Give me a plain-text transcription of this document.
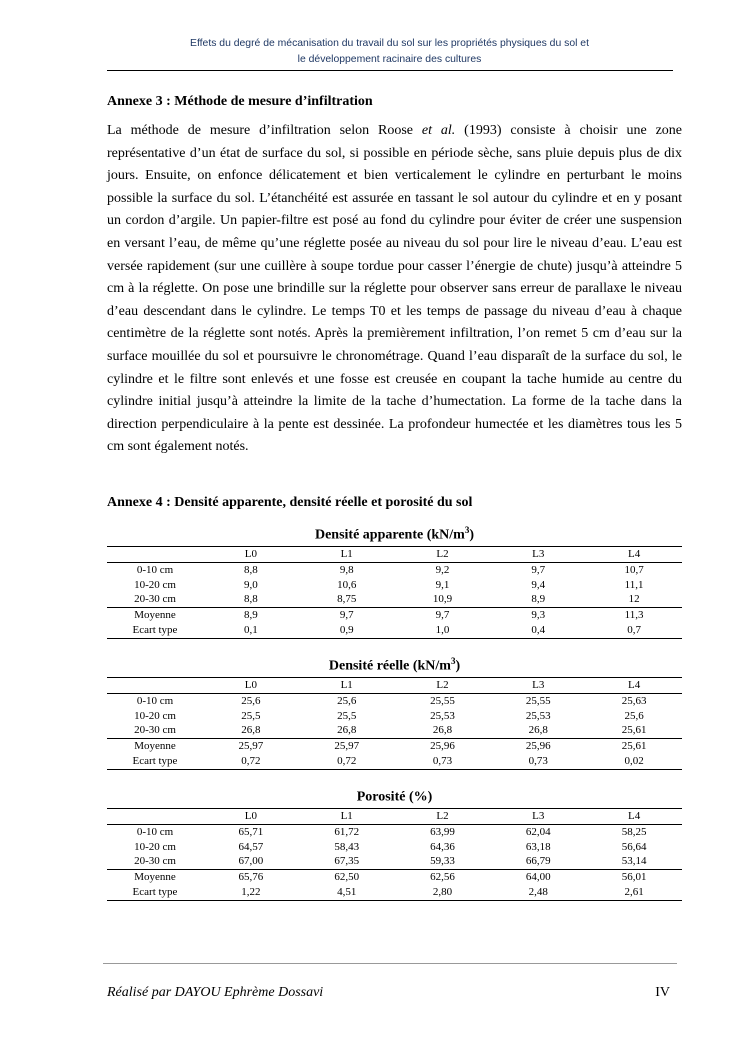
Effets du degré de mécanisation du travail du sol sur les propriétés physiques du sol et
le développement racinaire des cultures
Annexe 3 : Méthode de mesure d’infiltration

La méthode de mesure d’infiltration selon Roose et al. (1993) consiste à choisir une zone représentative d’un état de surface du sol, si possible en période sèche, sans pluie depuis plus de dix jours. Ensuite, on enfonce délicatement et bien verticalement le cylindre en perturbant le moins possible la surface du sol. L’étanchéité est assurée en tassant le sol autour du cylindre et en y posant un cordon d’argile. Un papier-filtre est posé au fond du cylindre pour éviter de créer une suspension en versant l’eau, de même qu’une réglette posée au niveau du sol pour lire le niveau d’eau. L’eau est versée rapidement (sur une cuillère à soupe tordue pour casser l’énergie de chute) jusqu’à atteindre 5 cm à la réglette. On pose une brindille sur la réglette pour observer sans erreur de parallaxe le niveau d’eau descendant dans le cylindre. Le temps T0 et les temps de passage du niveau d’eau à chaque centimètre de la réglette sont notés. Après la premièrement infiltration, l’on remet 5 cm d’eau sur la surface mouillée du sol et poursuivre le chronométrage. Quand l’eau disparaît de la surface du sol, le cylindre et le filtre sont enlevés et une fosse est creusée en coupant la tache humide au centre du cylindre initial jusqu’à atteindre la limite de la tache d’humectation. La forme de la tache dans la direction perpendiculaire à la pente est dessinée. La profondeur humectée et les diamètres tous les 5 cm sont également notés.

Annexe 4 : Densité apparente, densité réelle et porosité du sol
Densité apparente $(kN/m^3)$
	L0	L1	L2	L3	L4
0-10 cm	8,8	9,8	9,2	9,7	10,7
10-20 cm	9,0	10,6	9,1	9,4	11,1
20-30 cm	8,8	8,75	10,9	8,9	12
Moyenne	8,9	9,7	9,7	9,3	11,3
Ecart type	0,1	0,9	1,0	0,4	0,7
Densité réelle $(kN/m^3)$
	L0	L1	L2	L3	L4
0-10 cm	25,6	25,6	25,55	25,55	25,63
10-20 cm	25,5	25,5	25,53	25,53	25,6
20-30 cm	26,8	26,8	26,8	26,8	25,61
Moyenne	25,97	25,97	25,96	25,96	25,61
Ecart type	0,72	0,72	0,73	0,73	0,02
Porosité (%)
	L0	L1	L2	L3	L4
0-10 cm	65,71	61,72	63,99	62,04	58,25
10-20 cm	64,57	58,43	64,36	63,18	56,64
20-30 cm	67,00	67,35	59,33	66,79	53,14
Moyenne	65,76	62,50	62,56	64,00	56,01
Ecart type	1,22	4,51	2,80	2,48	2,61
Réalisé par DAYOU Ephrème Dossavi	IV
